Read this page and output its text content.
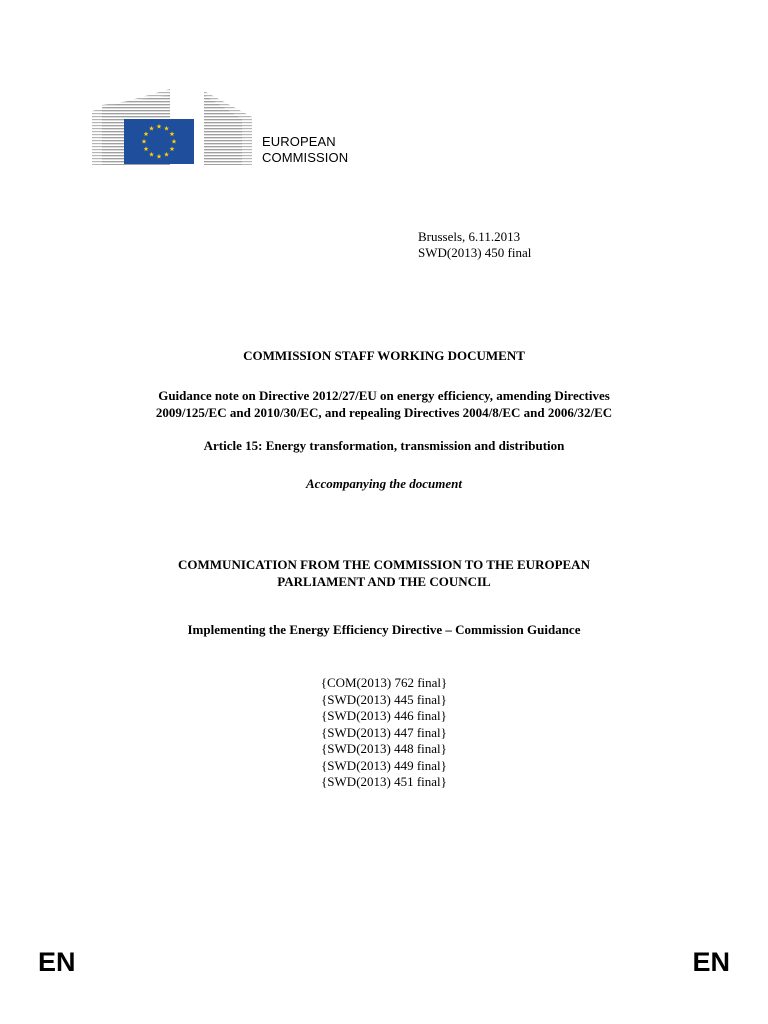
EUROPEAN
COMMISSION
Brussels, 6.11.2013
SWD(2013) 450 final
COMMISSION STAFF WORKING DOCUMENT
Guidance note on Directive 2012/27/EU on energy efficiency, amending Directives
2009/125/EC and 2010/30/EC, and repealing Directives 2004/8/EC and 2006/32/EC
Article 15: Energy transformation, transmission and distribution
Accompanying the document
COMMUNICATION FROM THE COMMISSION TO THE EUROPEAN
PARLIAMENT AND THE COUNCIL
Implementing the Energy Efficiency Directive – Commission Guidance
{COM(2013) 762 final}
{SWD(2013) 445 final}
{SWD(2013) 446 final}
{SWD(2013) 447 final}
{SWD(2013) 448 final}
{SWD(2013) 449 final}
{SWD(2013) 451 final}
EN	EN
